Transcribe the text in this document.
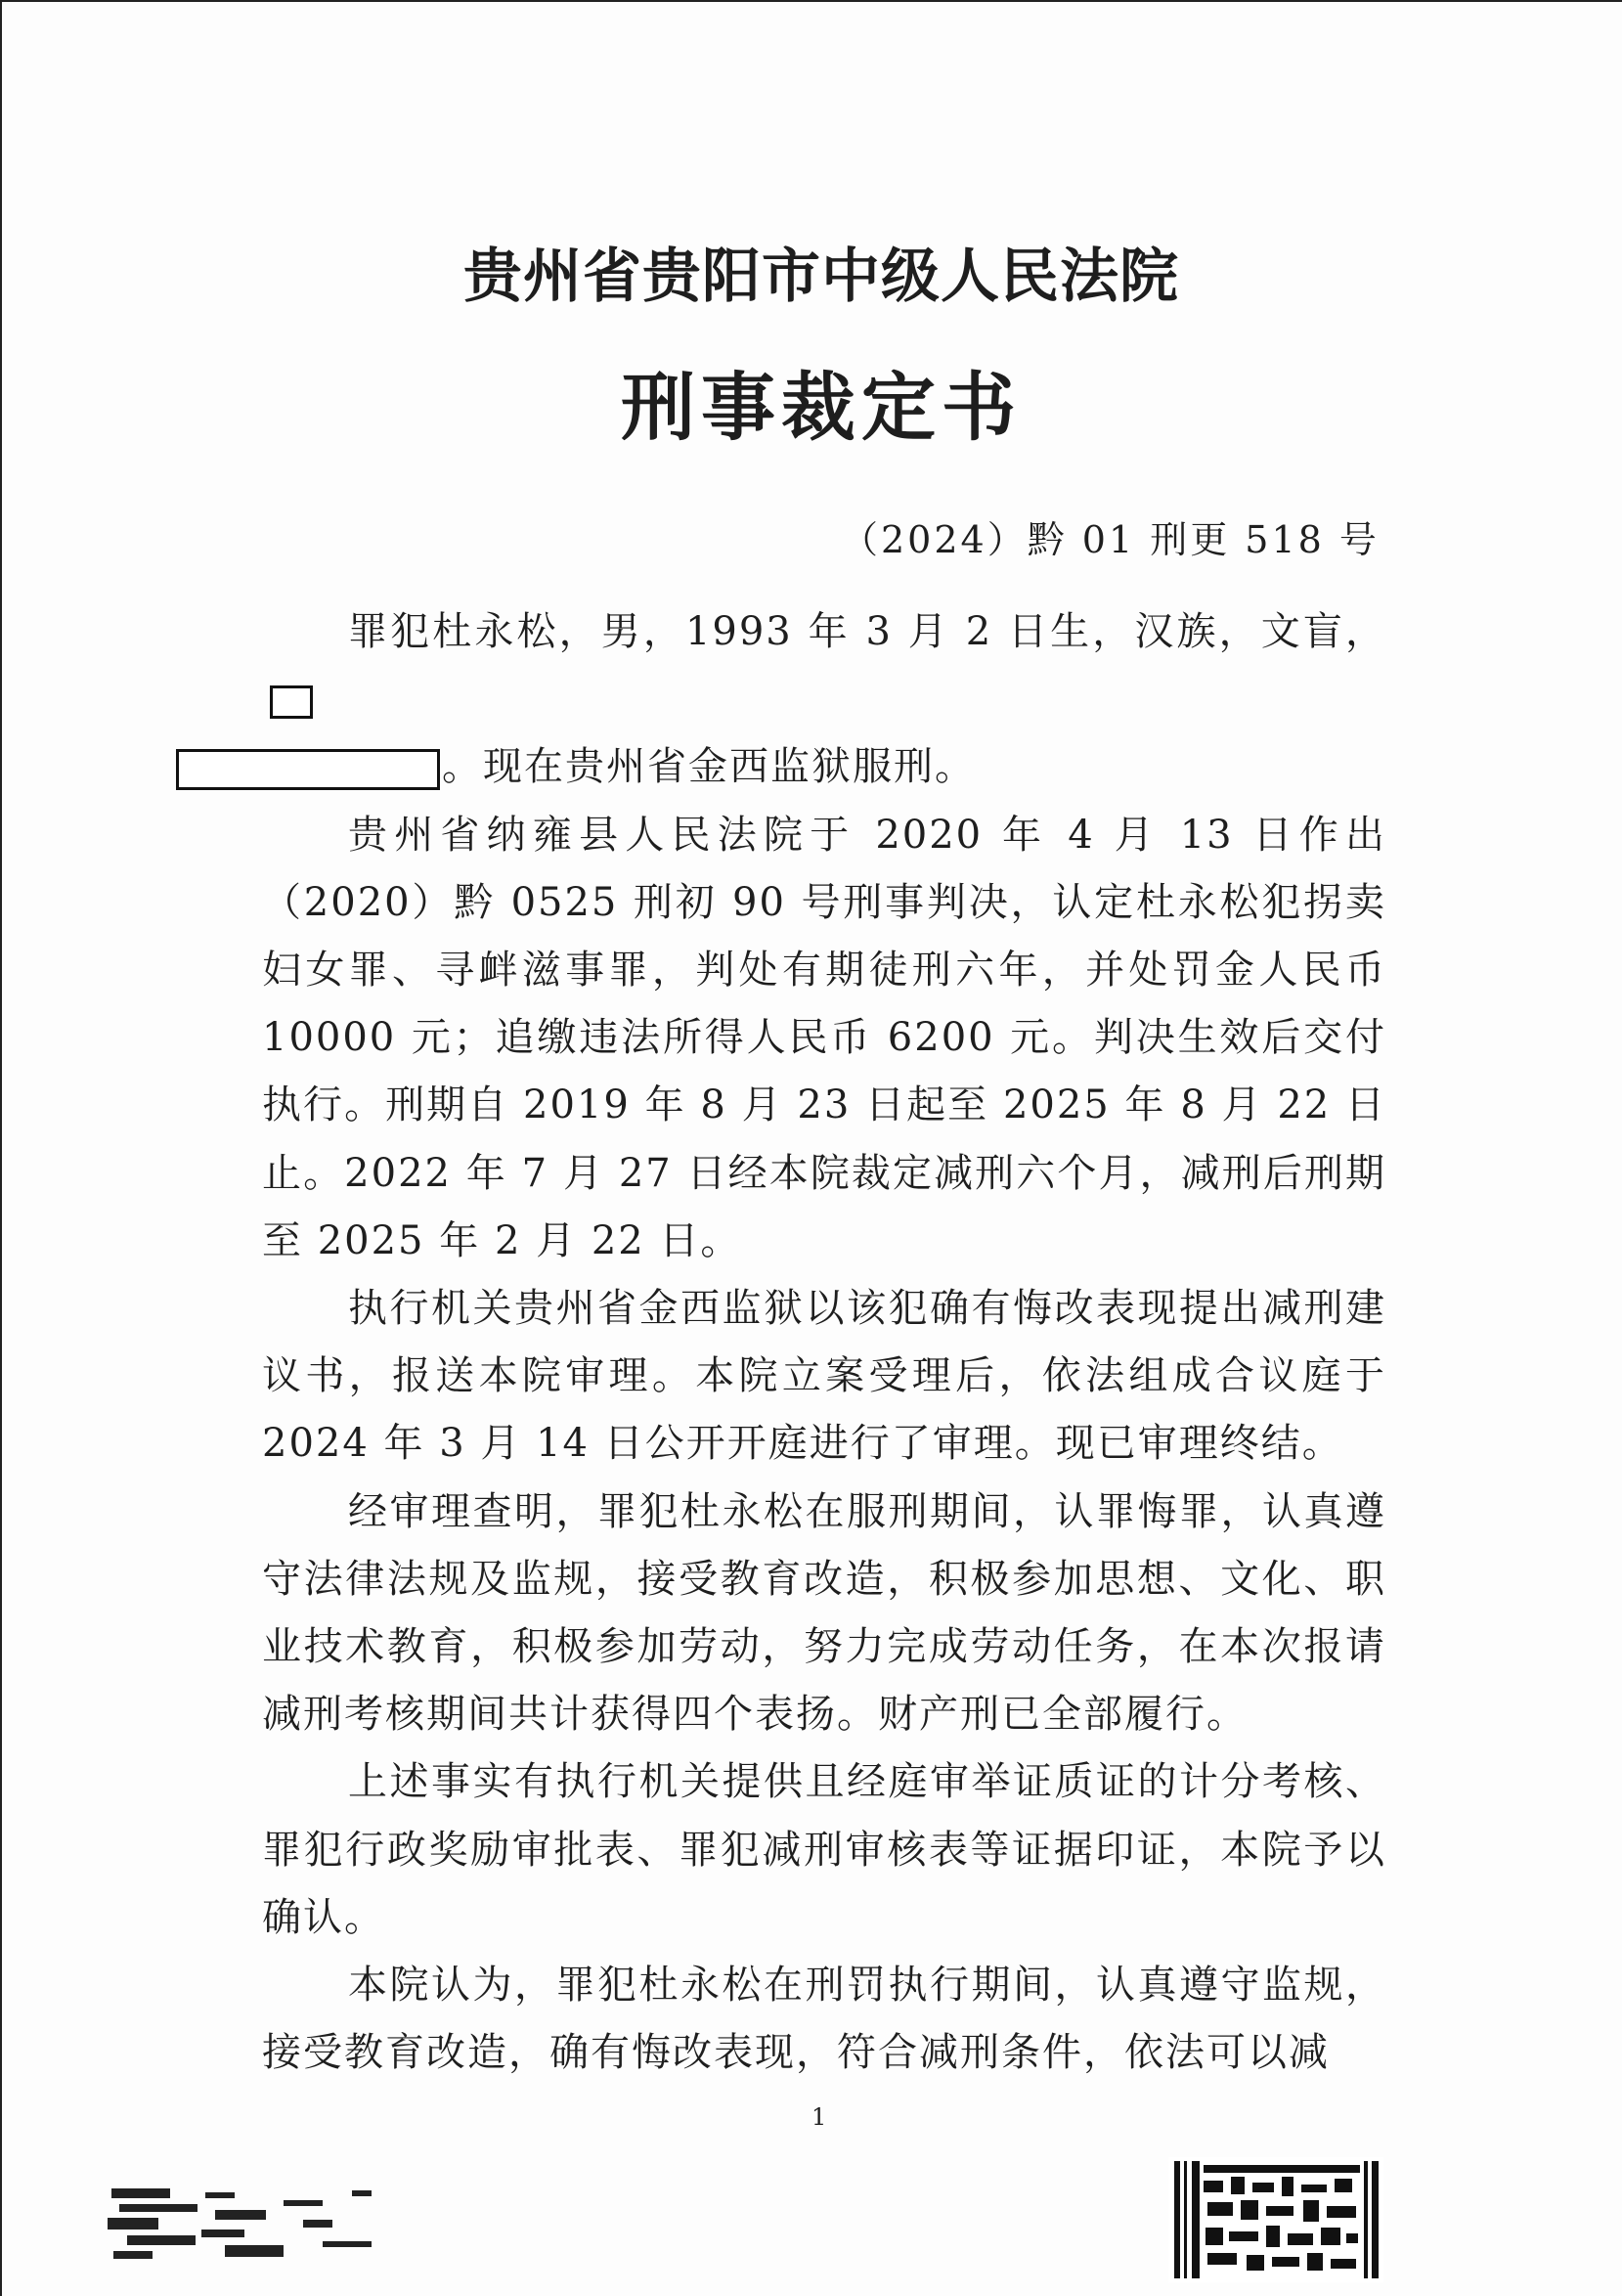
贵州省贵阳市中级人民法院
刑事裁定书
（2024）黔 01 刑更 518 号

罪犯杜永松，男，1993 年 3 月 2 日生，汉族，文盲，
。现在贵州省金西监狱服刑。

贵州省纳雍县人民法院于 2020 年 4 月 13 日作出（2020）黔 0525 刑初 90 号刑事判决，认定杜永松犯拐卖妇女罪、寻衅滋事罪，判处有期徒刑六年，并处罚金人民币 10000 元；追缴违法所得人民币 6200 元。判决生效后交付执行。刑期自 2019 年 8 月 23 日起至 2025 年 8 月 22 日止。2022 年 7 月 27 日经本院裁定减刑六个月，减刑后刑期至 2025 年 2 月 22 日。

执行机关贵州省金西监狱以该犯确有悔改表现提出减刑建议书，报送本院审理。本院立案受理后，依法组成合议庭于 2024 年 3 月 14 日公开开庭进行了审理。现已审理终结。

经审理查明，罪犯杜永松在服刑期间，认罪悔罪，认真遵守法律法规及监规，接受教育改造，积极参加思想、文化、职业技术教育，积极参加劳动，努力完成劳动任务，在本次报请减刑考核期间共计获得四个表扬。财产刑已全部履行。

上述事实有执行机关提供且经庭审举证质证的计分考核、罪犯行政奖励审批表、罪犯减刑审核表等证据印证，本院予以确认。

本院认为，罪犯杜永松在刑罚执行期间，认真遵守监规，接受教育改造，确有悔改表现，符合减刑条件，依法可以减

1
